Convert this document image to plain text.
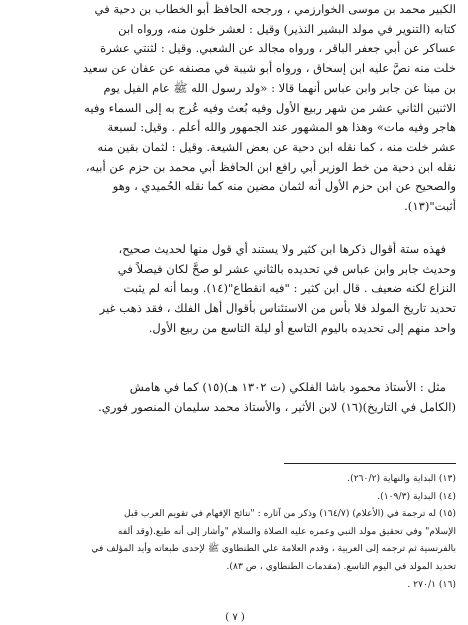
الكبير محمد بن موسى الخوارزمي ، ورجحه الحافظ أبو الخطاب بن دحية في

كتابه (التنوير في مولد البشير النذير) وقيل : لعشر خلون منه، ورواه ابن

عساكر عن أبي جعفر الباقر ، ورواه مجالد عن الشعبي. وقيل : لثنتي عشرة

خلت منه نصَّ عليه ابن إسحاق ، ورواه أبو شيبة في مصنفه عن عفان عن سعيد

بن مينا عن جابر وابن عباس أنهما قالا : «ولد رسول الله ﷺ عام الفيل يوم

الاثنين الثاني عشر من شهر ربيع الأول وفيه بُعث وفيه عُرج به إلى السماء وفيه

هاجر وفيه مات» وهذا هو المشهور عند الجمهور والله أعلم . وقيل: لسبعة

عشر خلت منه ، كما نقله ابن دحية عن بعض الشيعة. وقيل : لثمان بقين منه

نقله ابن دحية من خط الوزير أبي رافع ابن الحافظ أبي محمد بن حزم عن أبيه،

والصحيح عن ابن حزم الأول أنه لثمان مضين منه كما نقله الحُميدي ، وهو

أثبت"(١٣).

فهذه ستة أقوال ذكرها ابن كثير ولا يستند أي قول منها لحديث صحيح،

وحديث جابر وابن عباس في تحديده بالثاني عشر لو صحَّ لكان فيصلاً في

النزاع لكنه ضعيف . قال ابن كثير : "فيه انقطاع"(١٤). وبما أنه لم يثبت

تحديد تاريخ المولد فلا بأس من الاستئناس بأقوال أهل الفلك ، فقد ذهب غير

واحد منهم إلى تحديده باليوم التاسع أو ليلة التاسع من ربيع الأول.

مثل : الأستاذ محمود باشا الفلكي (ت ١٣٠٢ هـ)(١٥) كما في هامش

(الكامل في التاريخ)(١٦) لابن الأثير ، والأستاذ محمد سليمان المنصور فوري.

(١٣) البداية والنهاية (٢٦٠/٢).
(١٤) البداية (١٠٩/٣).
(١٥) له ترجمة في (الأعلام) (١٦٤/٧) وذكر من آثاره : "نتائج الإفهام في تقويم العرب قبل
الإسلام" وفي تحقيق مولد النبي وعمره عليه الصلاة والسلام "وأشار إلى أنه طبع.(وقد ألفه
بالفرنسية ثم ترجمه إلى العربية ، وقدم العلامة علي الطنطاوي ﷺ لإحدى طبعاته وأيد المؤلف في
تحديد المولد في اليوم التاسع. (مقدمات الطنطاوي ، ص ٨٣).
(١٦) ٢٧٠/١ .
( ٧ )
